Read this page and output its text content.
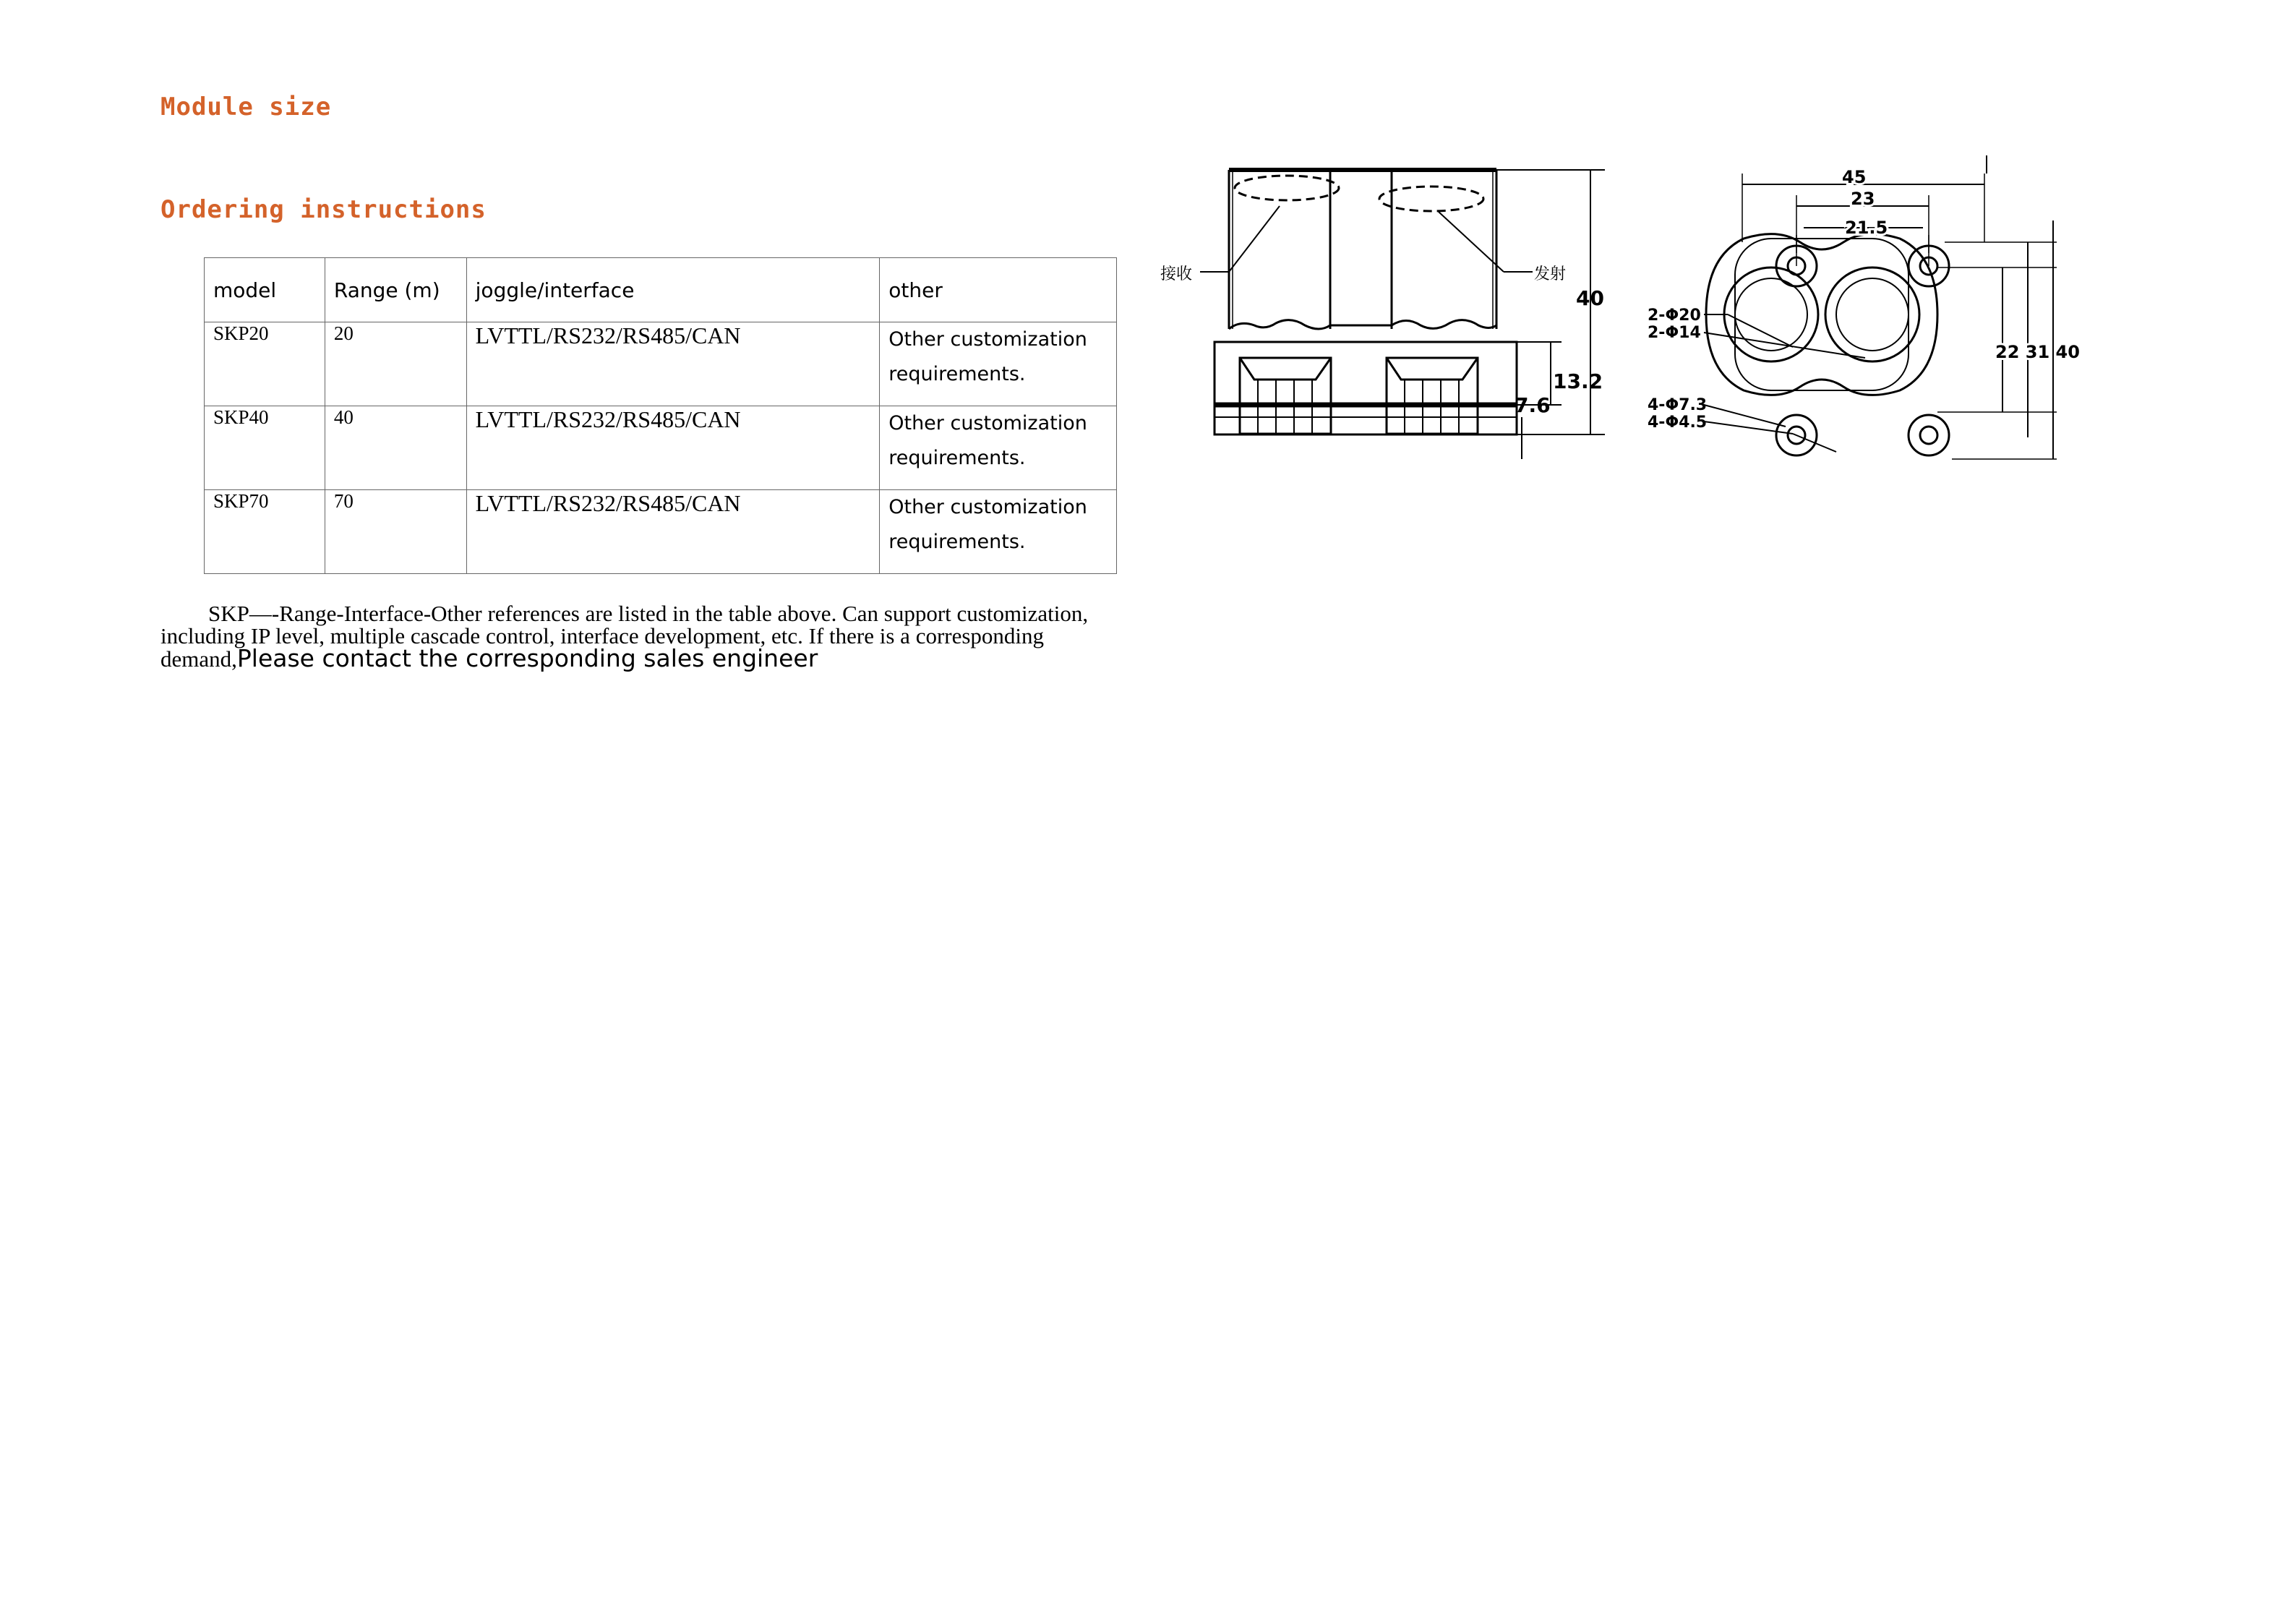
Module size
Ordering instructions
model	Range (m)	joggle/interface	other
SKP20	20	LVTTL/RS232/RS485/CAN	Other customization requirements.
SKP40	40	LVTTL/RS232/RS485/CAN	Other customization requirements.
SKP70	70	LVTTL/RS232/RS485/CAN	Other customization requirements.

SKP—-Range-Interface-Other references are listed in the table above. Can support customization, including IP level, multiple cascade control, interface development, etc. If there is a corresponding demand,Please contact the corresponding sales engineer

接收	发射
40
13.2
7.6
45
23
21.5
2-Φ20
2-Φ14
4-Φ7.3
4-Φ4.5
22 31 40
